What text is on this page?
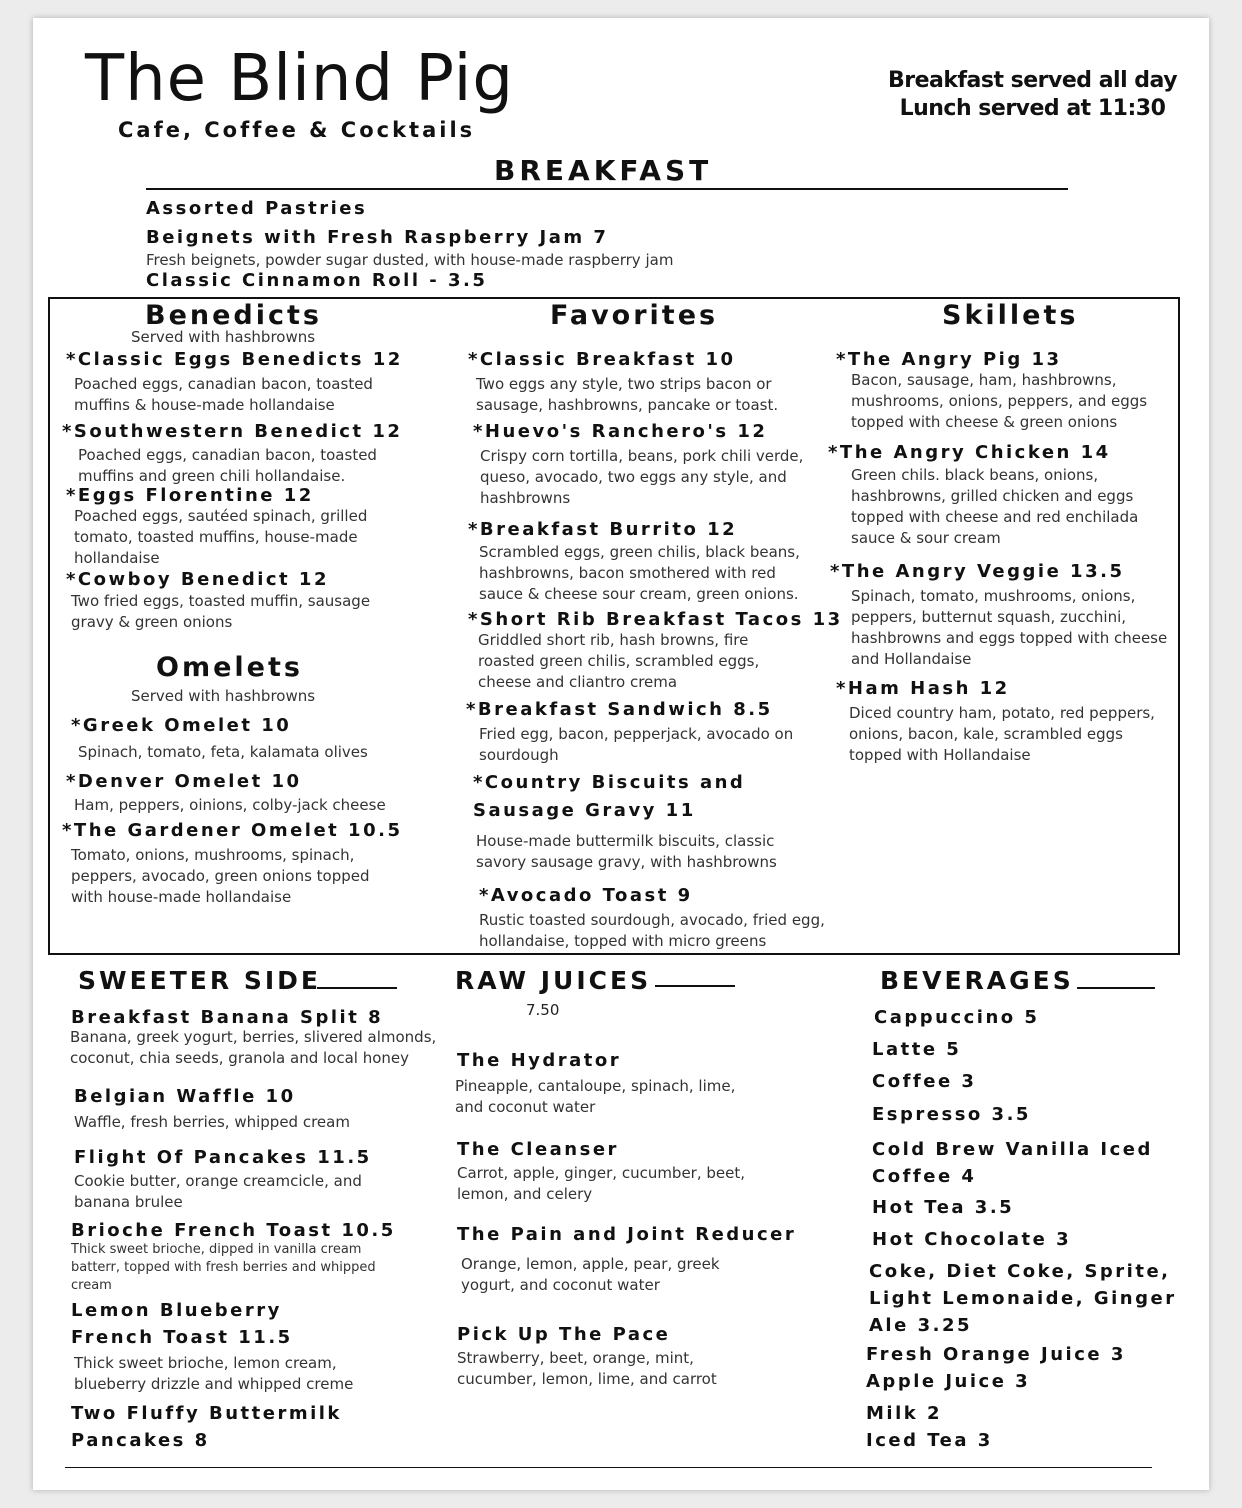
The Blind Pig
Cafe, Coffee & Cocktails
Breakfast served all day
Lunch served at 11:30
BREAKFAST
Assorted Pastries
Beignets with Fresh Raspberry Jam 7
Fresh beignets, powder sugar dusted, with house-made raspberry jam
Classic Cinnamon Roll - 3.5
Benedicts
Served with hashbrowns
*Classic Eggs Benedicts 12
Poached eggs, canadian bacon, toasted muffins & house-made hollandaise
*Southwestern Benedict 12
Poached eggs, canadian bacon, toasted muffins and green chili hollandaise.
*Eggs Florentine 12
Poached eggs, sautéed spinach, grilled tomato, toasted muffins, house-made hollandaise
*Cowboy Benedict 12
Two fried eggs, toasted muffin, sausage gravy & green onions
Omelets
Served with hashbrowns
*Greek Omelet 10
Spinach, tomato, feta, kalamata olives
*Denver Omelet 10
Ham, peppers, oinions, colby-jack cheese
*The Gardener Omelet 10.5
Tomato, onions, mushrooms, spinach, peppers, avocado, green onions topped with house-made hollandaise
Favorites
*Classic Breakfast 10
Two eggs any style, two strips bacon or sausage, hashbrowns, pancake or toast.
*Huevo's Ranchero's 12
Crispy corn tortilla, beans, pork chili verde, queso, avocado, two eggs any style, and hashbrowns
*Breakfast Burrito 12
Scrambled eggs, green chilis, black beans, hashbrowns, bacon smothered with red sauce & cheese sour cream, green onions.
*Short Rib Breakfast Tacos 13
Griddled short rib, hash browns, fire roasted green chilis, scrambled eggs, cheese and cliantro crema
*Breakfast Sandwich 8.5
Fried egg, bacon, pepperjack, avocado on sourdough
*Country Biscuits and
Sausage Gravy 11
House-made buttermilk biscuits, classic savory sausage gravy, with hashbrowns
*Avocado Toast 9
Rustic toasted sourdough, avocado, fried egg, hollandaise, topped with micro greens
Skillets
*The Angry Pig 13
Bacon, sausage, ham, hashbrowns, mushrooms, onions, peppers, and eggs topped with cheese & green onions
*The Angry Chicken 14
Green chils. black beans, onions, hashbrowns, grilled chicken and eggs topped with cheese and red enchilada sauce & sour cream
*The Angry Veggie 13.5
Spinach, tomato, mushrooms, onions, peppers, butternut squash, zucchini, hashbrowns and eggs topped with cheese and Hollandaise
*Ham Hash 12
Diced country ham, potato, red peppers, onions, bacon, kale, scrambled eggs topped with Hollandaise
SWEETER SIDE
Breakfast Banana Split 8
Banana, greek yogurt, berries, slivered almonds, coconut, chia seeds, granola and local honey
Belgian Waffle 10
Waffle, fresh berries, whipped cream
Flight Of Pancakes 11.5
Cookie butter, orange creamcicle, and banana brulee
Brioche French Toast 10.5
Thick sweet brioche, dipped in vanilla cream batterr, topped with fresh berries and whipped cream
Lemon Blueberry
French Toast 11.5
Thick sweet brioche, lemon cream, blueberry drizzle and whipped creme
Two Fluffy Buttermilk
Pancakes 8
RAW JUICES
7.50
The Hydrator
Pineapple, cantaloupe, spinach, lime, and coconut water
The Cleanser
Carrot, apple, ginger, cucumber, beet, lemon, and celery
The Pain and Joint Reducer
Orange, lemon, apple, pear, greek yogurt, and coconut water
Pick Up The Pace
Strawberry, beet, orange, mint, cucumber, lemon, lime, and carrot
BEVERAGES
Cappuccino 5
Latte 5
Coffee 3
Espresso 3.5
Cold Brew Vanilla Iced
Coffee 4
Hot Tea 3.5
Hot Chocolate 3
Coke, Diet Coke, Sprite,
Light Lemonaide, Ginger
Ale 3.25
Fresh Orange Juice 3
Apple Juice 3
Milk 2
Iced Tea 3
